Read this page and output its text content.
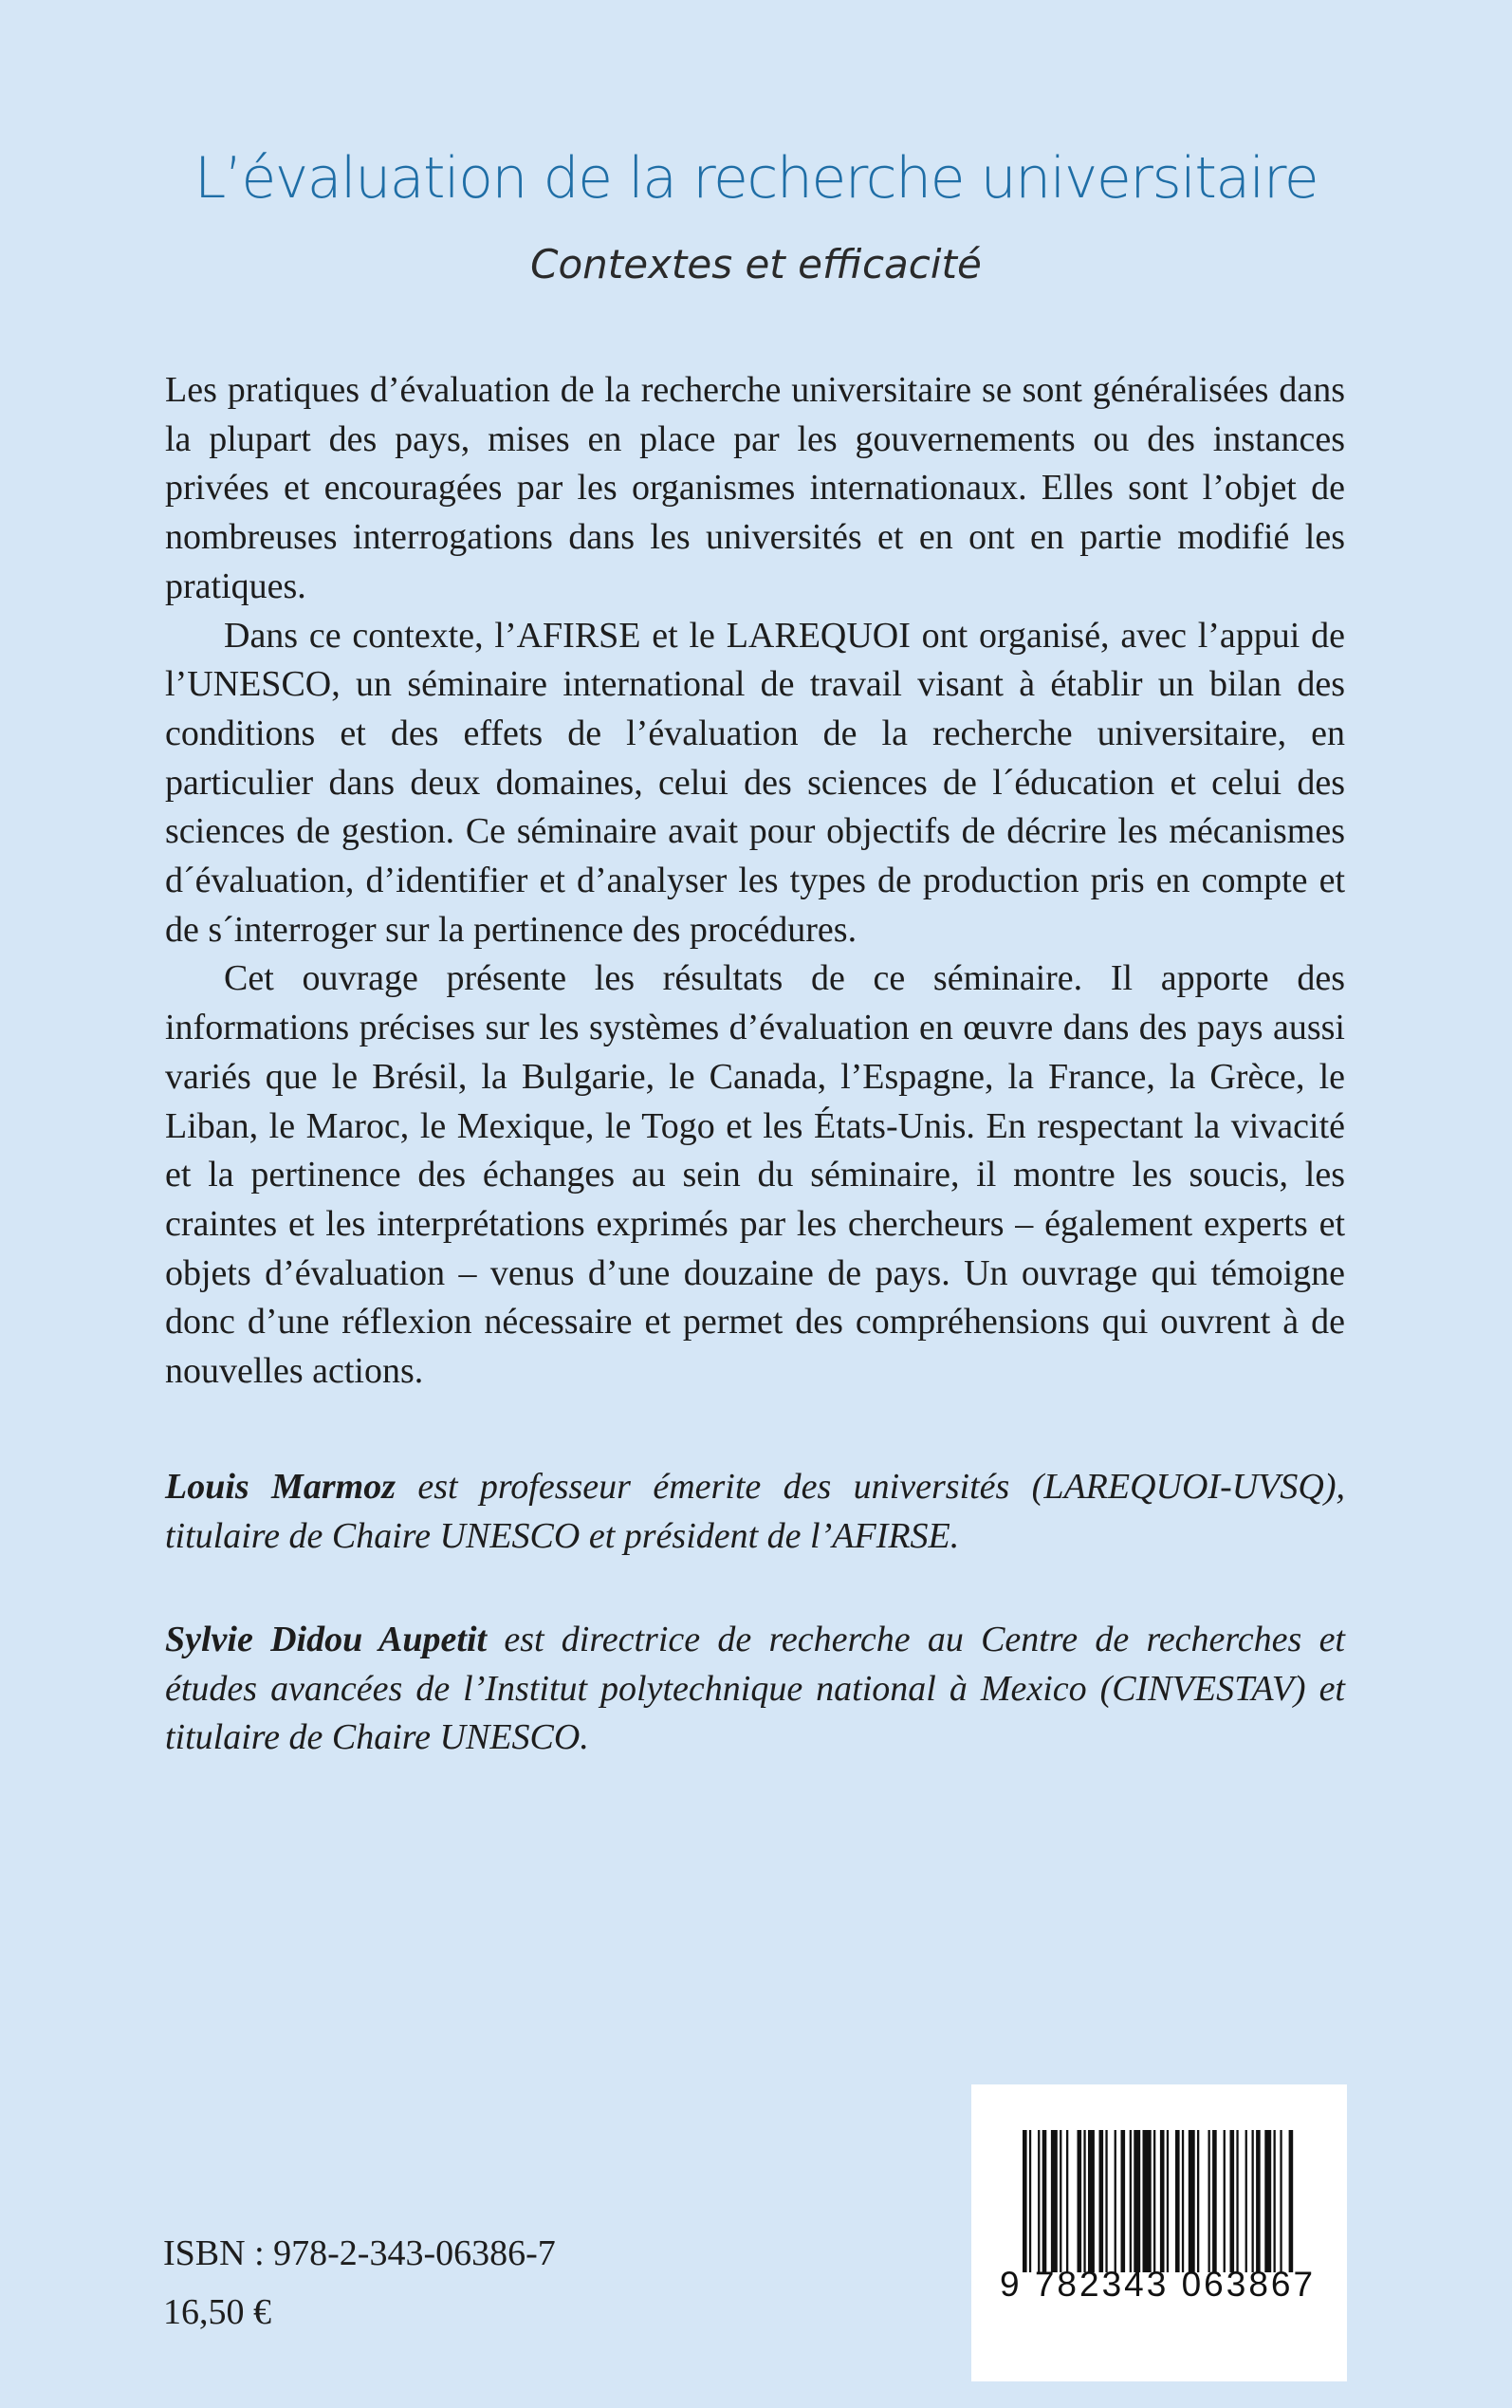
L’évaluation de la recherche universitaire
Contextes et efficacité

Les pratiques d’évaluation de la recherche universitaire se sont généralisées dans la plupart des pays, mises en place par les gouvernements ou des instances privées et encouragées par les organismes internationaux. Elles sont l’objet de nombreuses interrogations dans les universités et en ont en partie modifié les pratiques.

Dans ce contexte, l’AFIRSE et le LAREQUOI ont organisé, avec l’appui de l’UNESCO, un séminaire international de travail visant à établir un bilan des conditions et des effets de l’évaluation de la recherche universitaire, en particulier dans deux domaines, celui des sciences de l´éducation et celui des sciences de gestion. Ce séminaire avait pour objectifs de décrire les mécanismes d´évaluation, d’identifier et d’analyser les types de production pris en compte et de s´interroger sur la pertinence des procédures.

Cet ouvrage présente les résultats de ce séminaire. Il apporte des informations précises sur les systèmes d’évaluation en œuvre dans des pays aussi variés que le Brésil, la Bulgarie, le Canada, l’Espagne, la France, la Grèce, le Liban, le Maroc, le Mexique, le Togo et les États-Unis. En respectant la vivacité et la pertinence des échanges au sein du séminaire, il montre les soucis, les craintes et les interprétations exprimés par les chercheurs – également experts et objets d’évaluation – venus d’une douzaine de pays. Un ouvrage qui témoigne donc d’une réflexion nécessaire et permet des compréhensions qui ouvrent à de nouvelles actions.

Louis Marmoz est professeur émerite des universités (LAREQUOI-UVSQ), titulaire de Chaire UNESCO et président de l’AFIRSE.

Sylvie Didou Aupetit est directrice de recherche au Centre de recherches et études avancées de l’Institut polytechnique national à Mexico (CINVESTAV) et titulaire de Chaire UNESCO.

ISBN : 978-2-343-06386-7
16,50 €
9 782343 063867
